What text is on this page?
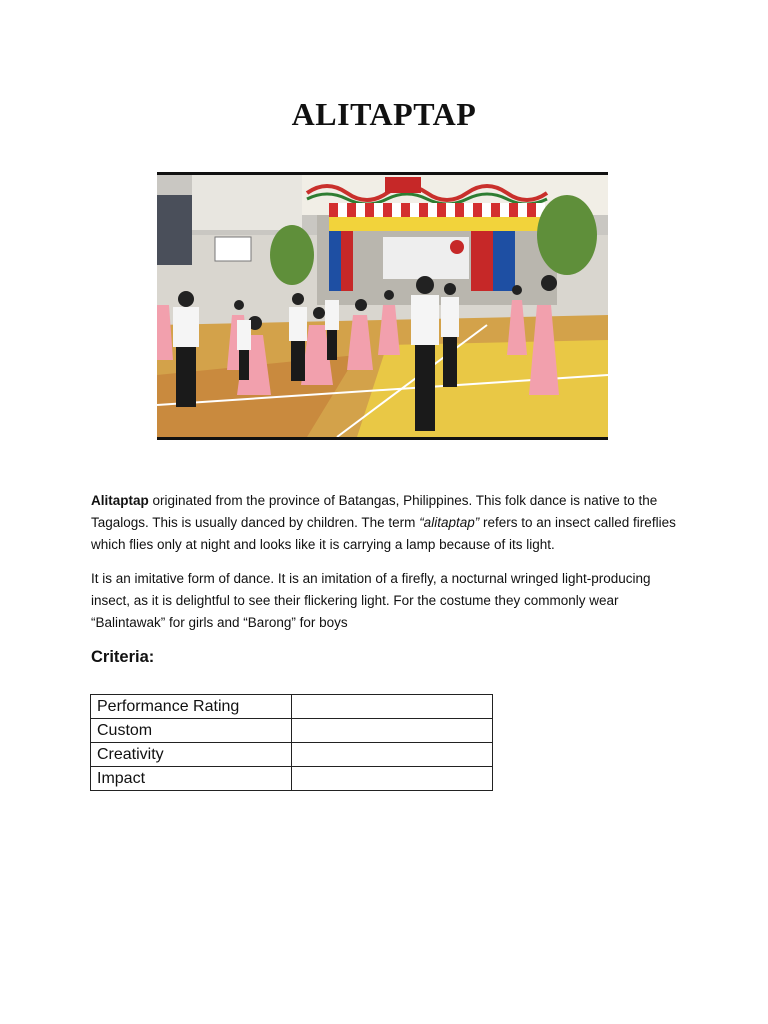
ALITAPTAP

Alitaptap originated from the province of Batangas, Philippines. This folk dance is native to the Tagalogs. This is usually danced by children. The term “alitaptap” refers to an insect called fireflies which flies only at night and looks like it is carrying a lamp because of its light.

It is an imitative form of dance. It is an imitation of a firefly, a nocturnal wringed light-producing insect, as it is delightful to see their flickering light. For the costume they commonly wear “Balintawak” for girls and “Barong” for boys

Criteria:
Performance Rating	
Custom	
Creativity	
Impact	
